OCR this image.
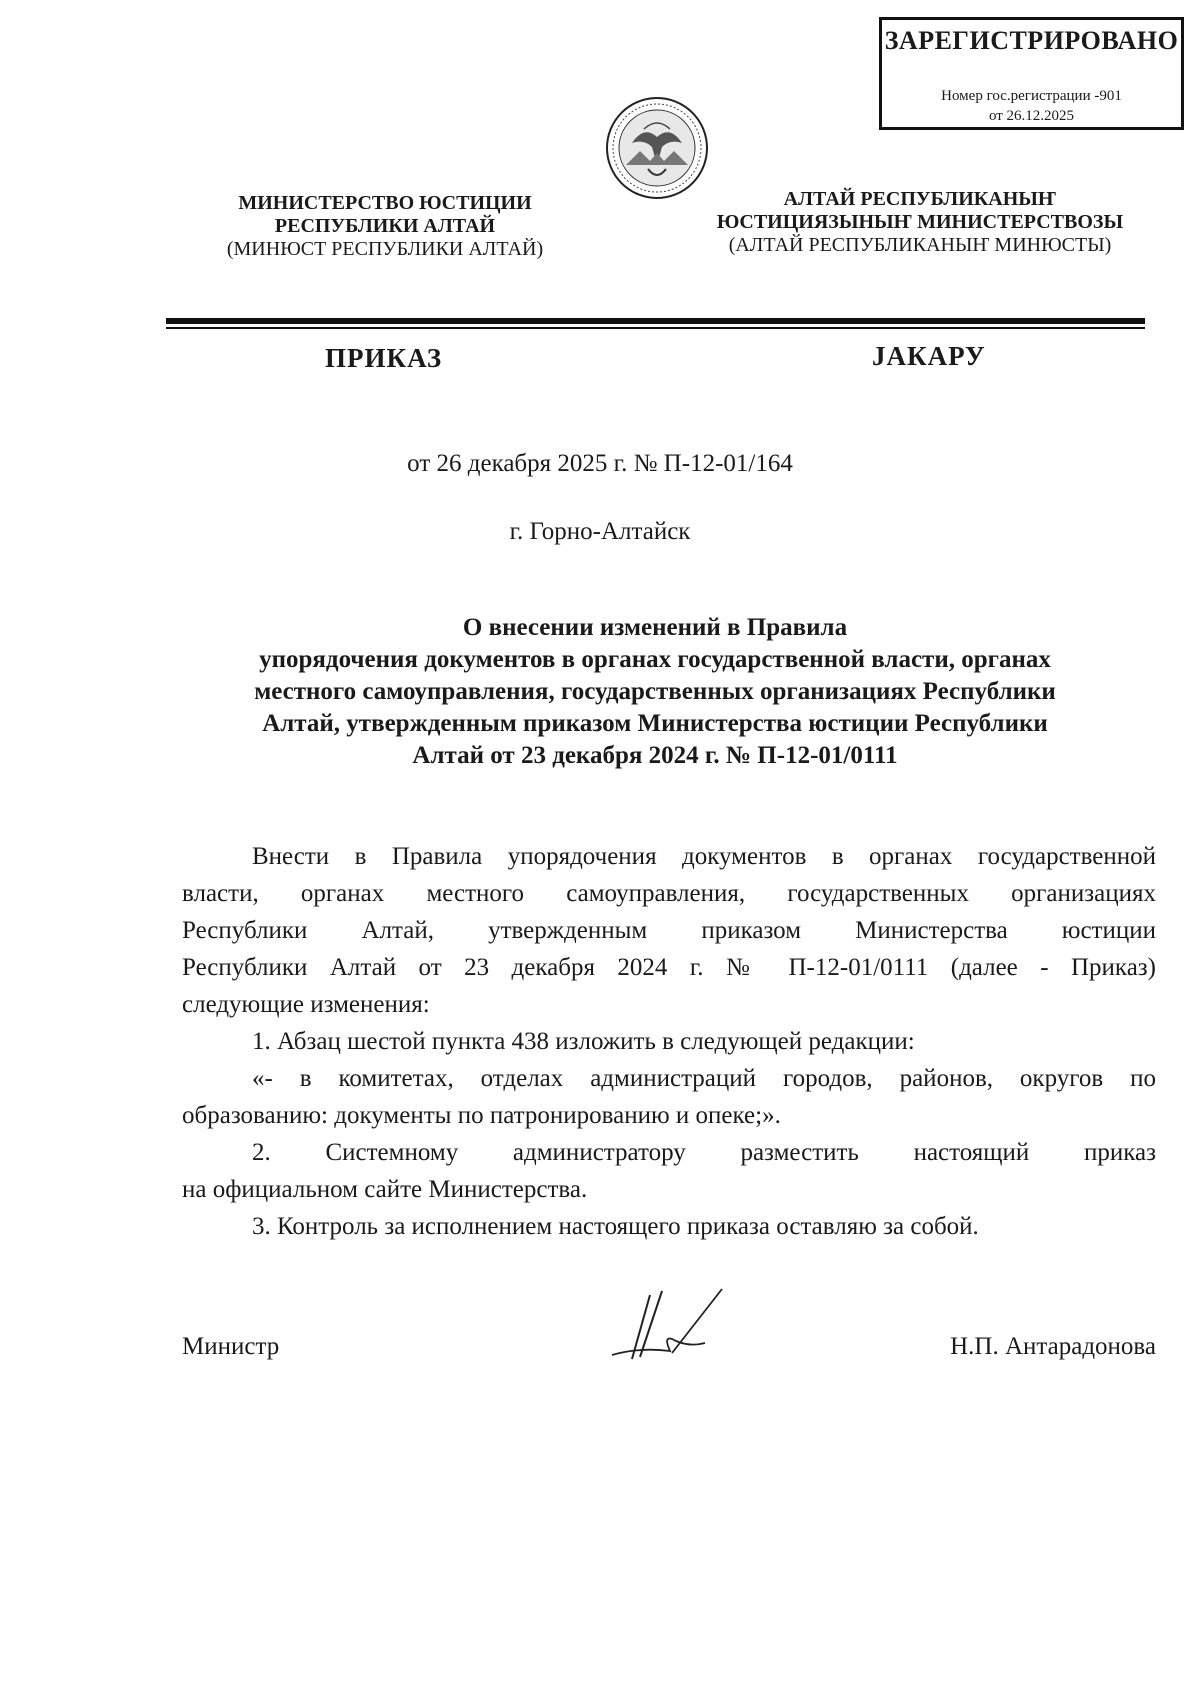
ЗАРЕГИСТРИРОВАНО
Номер гос.регистрации -901
от 26.12.2025
МИНИСТЕРСТВО ЮСТИЦИИ
РЕСПУБЛИКИ АЛТАЙ
(МИНЮСТ РЕСПУБЛИКИ АЛТАЙ)
АЛТАЙ РЕСПУБЛИКАНЫҤ
ЮСТИЦИЯЗЫНЫҤ МИНИСТЕРСТВОЗЫ
(АЛТАЙ РЕСПУБЛИКАНЫҤ МИНЮСТЫ)
ПРИКАЗ	ЈАКАРУ
от 26 декабря 2025 г. № П-12-01/164
г. Горно-Алтайск
О внесении изменений в Правила
упорядочения документов в органах государственной власти, органах
местного самоуправления, государственных организациях Республики
Алтай, утвержденным приказом Министерства юстиции Республики
Алтай от 23 декабря 2024 г. № П-12-01/0111

Внести в Правила упорядочения документов в органах государственной

власти, органах местного самоуправления, государственных организациях

Республики Алтай, утвержденным приказом Министерства юстиции

Республики Алтай от 23 декабря 2024 г. № П-12-01/0111 (далее - Приказ)

следующие изменения:

1. Абзац шестой пункта 438 изложить в следующей редакции:

«- в комитетах, отделах администраций городов, районов, округов по

образованию: документы по патронированию и опеке;».

2. Системному администратору разместить настоящий приказ

на официальном сайте Министерства.

3. Контроль за исполнением настоящего приказа оставляю за собой.

Министр	Н.П. Антарадонова
